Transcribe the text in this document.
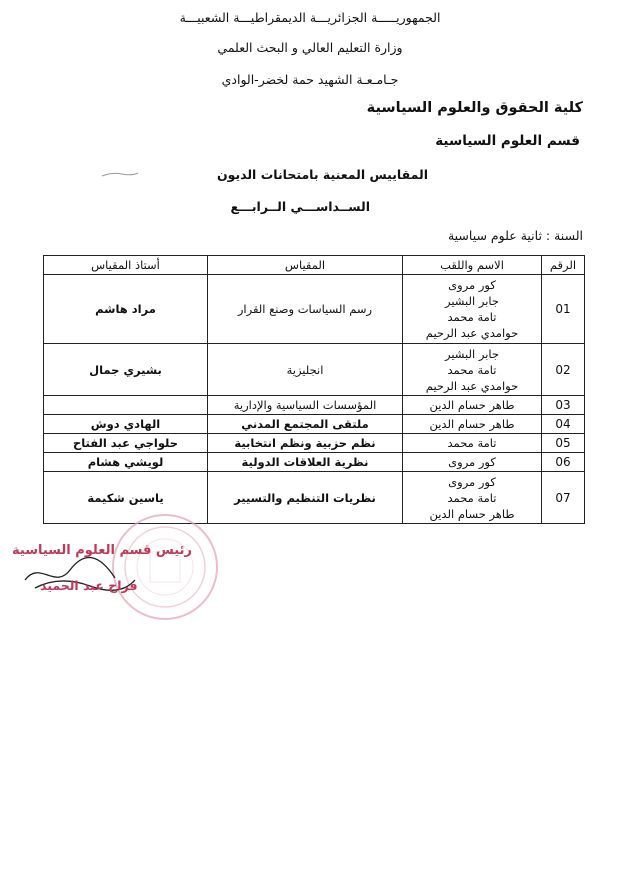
الجمهوريـــــة الجزائريـــة الديمقراطيـــة الشعبيـــة
وزارة التعليم العالي و البحث العلمي
جـامـعـة الشهيد حمة لخضر-الوادي
كلية الحقوق والعلوم السياسية
قسم العلوم السياسية
المقاييس المعنية بامتحانات الديون
الســداســـي الــرابـــع
السنة : ثانية علوم سياسية
الرقم	الاسم واللقب	المقياس	أستاذ المقياس
01	كور مروى
جابر البشير
تامة محمد
حوامدي عبد الرحيم	رسم السياسات وصنع القرار	مراد هاشم
02	جابر البشير
تامة محمد
حوامدي عبد الرحيم	انجليزية	بشيري جمال
03	طاهر حسام الدين	المؤسسات السياسية والإدارية	
04	طاهر حسام الدين	ملتقى المجتمع المدني	الهادي دوش
05	تامة محمد	نظم حزبية ونظم انتخابية	حلواجي عبد الفتاح
06	كور مروى	نظرية العلاقات الدولية	لويشي هشام
07	كور مروى
تامة محمد
طاهر حسام الدين	نظريات التنظيم والتسيير	ياسين شكيمة
رئيس قسم العلوم السياسية
فراح عبد الحميد
